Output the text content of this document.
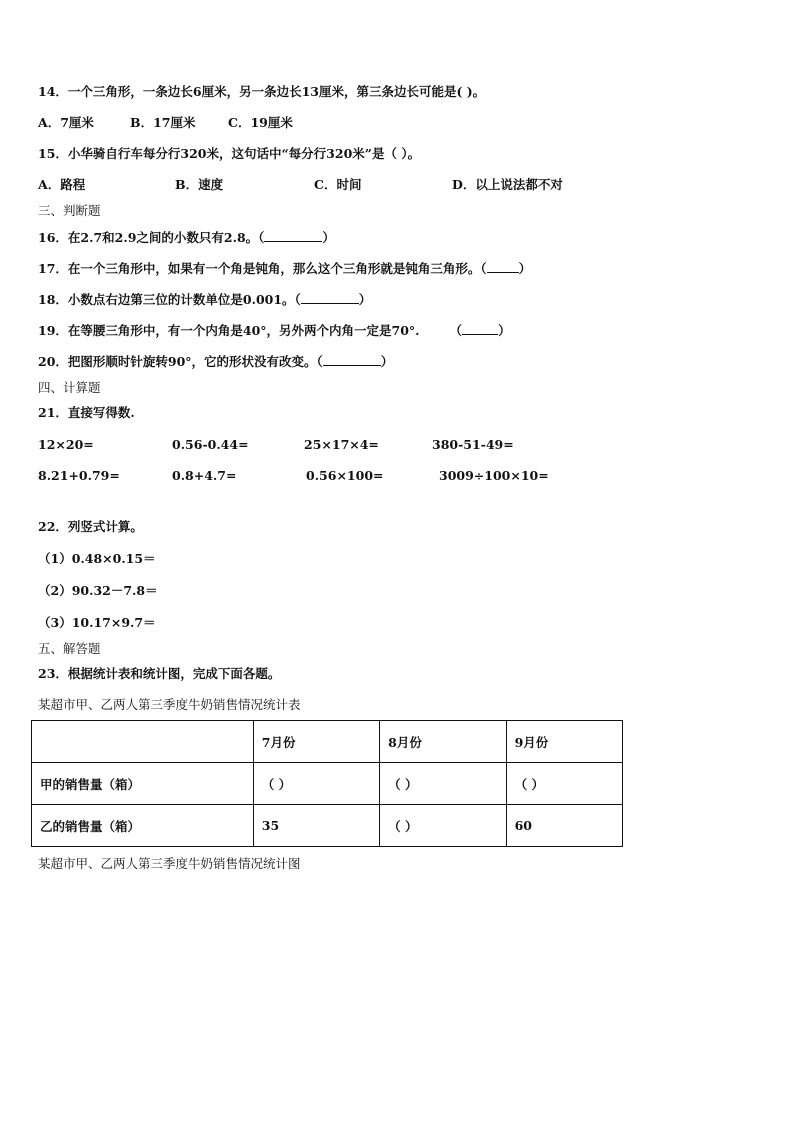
14．一个三角形，一条边长6厘米，另一条边长13厘米，第三条边长可能是( )。
A．7厘米	B．17厘米	C．19厘米
15．小华骑自行车每分行320米，这句话中“每分行320米”是（ ）。
A．路程	B．速度	C．时间	D．以上说法都不对
三、判断题
16．在2.7和2.9之间的小数只有2.8。（	）
17．在一个三角形中，如果有一个角是钝角，那么这个三角形就是钝角三角形。（	）
18．小数点右边第三位的计数单位是0.001。（	）
19．在等腰三角形中，有一个内角是40°，另外两个内角一定是70°. （	）
20．把图形顺时针旋转90°，它的形状没有改变。（	）
四、计算题
21．直接写得数.
12×20=	0.56-0.44=	25×17×4=	380-51-49=
8.21+0.79=	0.8+4.7=	0.56×100=	3009÷100×10=
22．列竖式计算。
（1）0.48×0.15＝
（2）90.32－7.8＝
（3）10.17×9.7＝
五、解答题
23．根据统计表和统计图，完成下面各题。
某超市甲、乙两人第三季度牛奶销售情况统计表
	7月份	8月份	9月份
甲的销售量（箱）	（ ）	（ ）	（ ）
乙的销售量（箱）	35	（ ）	60
某超市甲、乙两人第三季度牛奶销售情况统计图
